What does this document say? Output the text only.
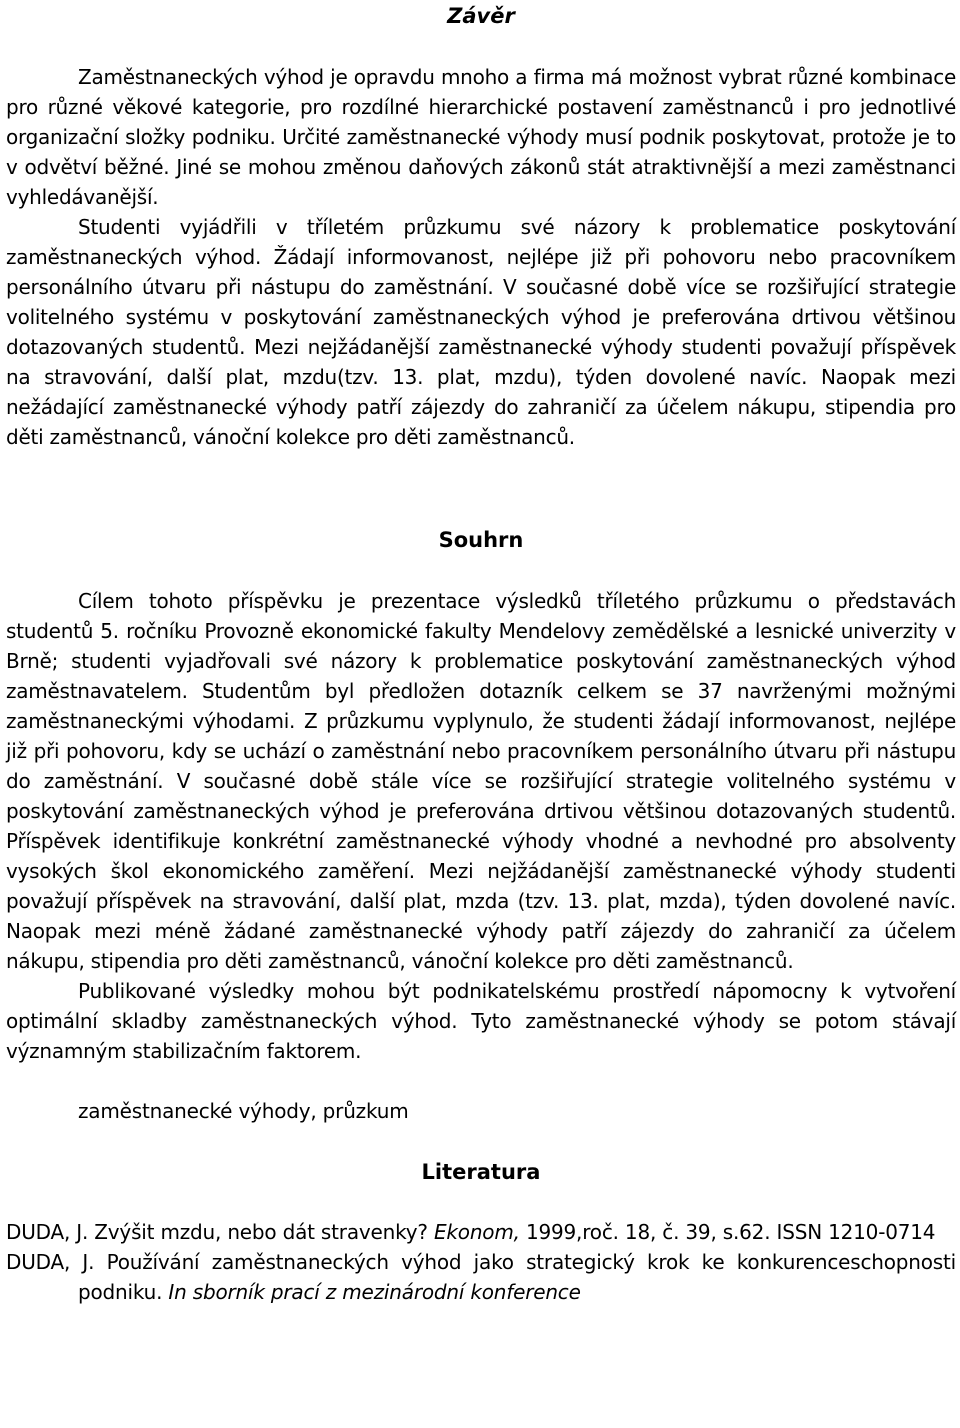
Závěr

Zaměstnaneckých výhod je opravdu mnoho a firma má možnost vybrat různé kombinace pro různé věkové kategorie, pro rozdílné hierarchické postavení zaměstnanců i pro jednotlivé organizační složky podniku. Určité zaměstnanecké výhody musí podnik poskytovat, protože je to v odvětví běžné. Jiné se mohou změnou daňových zákonů stát atraktivnější a mezi zaměstnanci vyhledávanější.

Studenti vyjádřili v tříletém průzkumu své názory k problematice poskytování zaměstnaneckých výhod. Žádají informovanost, nejlépe již při pohovoru nebo pracovníkem personálního útvaru při nástupu do zaměstnání. V současné době více se rozšiřující strategie volitelného systému v poskytování zaměstnaneckých výhod je preferována drtivou většinou dotazovaných studentů. Mezi nejžádanější zaměstnanecké výhody studenti považují příspěvek na stravování, další plat, mzdu(tzv. 13. plat, mzdu), týden dovolené navíc. Naopak mezi nežádající zaměstnanecké výhody patří zájezdy do zahraničí za účelem nákupu, stipendia pro děti zaměstnanců, vánoční kolekce pro děti zaměstnanců.

Souhrn

Cílem tohoto příspěvku je prezentace výsledků tříletého průzkumu o představách studentů 5. ročníku Provozně ekonomické fakulty Mendelovy zemědělské a lesnické univerzity v Brně; studenti vyjadřovali své názory k problematice poskytování zaměstnaneckých výhod zaměstnavatelem. Studentům byl předložen dotazník celkem se 37 navrženými možnými zaměstnaneckými výhodami. Z průzkumu vyplynulo, že studenti žádají informovanost, nejlépe již při pohovoru, kdy se uchází o zaměstnání nebo pracovníkem personálního útvaru při nástupu do zaměstnání. V současné době stále více se rozšiřující strategie volitelného systému v poskytování zaměstnaneckých výhod je preferována drtivou většinou dotazovaných studentů. Příspěvek identifikuje konkrétní zaměstnanecké výhody vhodné a nevhodné pro absolventy vysokých škol ekonomického zaměření. Mezi nejžádanější zaměstnanecké výhody studenti považují příspěvek na stravování, další plat, mzda (tzv. 13. plat, mzda), týden dovolené navíc. Naopak mezi méně žádané zaměstnanecké výhody patří zájezdy do zahraničí za účelem nákupu, stipendia pro děti zaměstnanců, vánoční kolekce pro děti zaměstnanců.

Publikované výsledky mohou být podnikatelskému prostředí nápomocny k vytvoření optimální skladby zaměstnaneckých výhod. Tyto zaměstnanecké výhody se potom stávají významným stabilizačním faktorem.

zaměstnanecké výhody, průzkum

Literatura

DUDA, J. Zvýšit mzdu, nebo dát stravenky? Ekonom, 1999,roč. 18, č. 39, s.62. ISSN 1210-0714

DUDA, J. Používání zaměstnaneckých výhod jako strategický krok ke konkurenceschopnosti podniku. In sborník prací z mezinárodní konference
